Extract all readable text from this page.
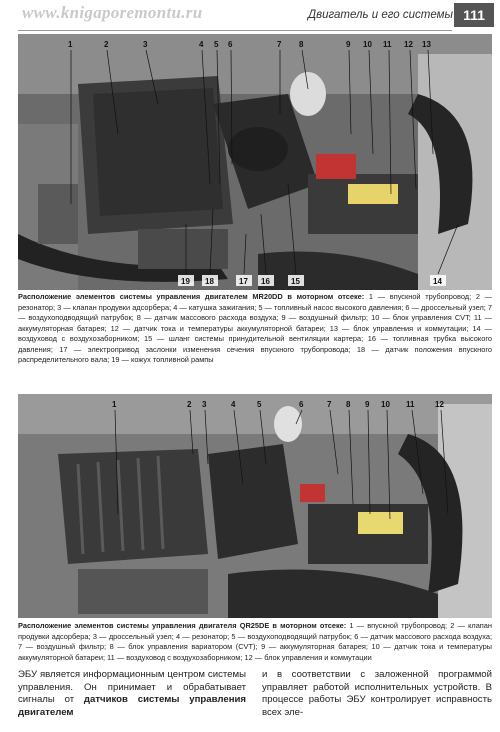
www.knigaporemontu.ru	Двигатель и его системы 111
1	2	3	4 5 6	7 8	9 10 11 12 13
19 18	17 16	15	14
Расположение элементов системы управления двигателем MR20DD в моторном отсеке: 1 — впускной трубопровод; 2 — резонатор; 3 — клапан продувки адсорбера; 4 — катушка зажигания; 5 — топливный насос высокого давления; 6 — дроссельный узел; 7 — воздухоподводящий патрубок; 8 — датчик массового расхода воздуха; 9 — воздушный фильтр; 10 — блок управления CVT; 11 — аккумуляторная батарея; 12 — датчик тока и температуры аккумуляторной батареи; 13 — блок управления и коммутации; 14 — воздуховод с воздухозаборником; 15 — шланг системы принудительной вентиляции картера; 16 — топливная трубка высокого давления; 17 — электропривод заслонки изменения сечения впускного трубопровода; 18 — датчик положения впускного распределительного вала; 19 — кожух топливной рампы
1	2 3	4	5	6	7 8 9 10 11	12
Расположение элементов системы управления двигателя QR25DE в моторном отсеке: 1 — впускной трубопровод; 2 — клапан продувки адсорбера; 3 — дроссельный узел; 4 — резонатор; 5 — воздухоподводящий патрубок; 6 — датчик массового расхода воздуха; 7 — воздушный фильтр; 8 — блок управления вариатором (CVT); 9 — аккумуляторная батарея; 10 — датчик тока и температуры аккумуляторной батареи; 11 — воздуховод с воздухозаборником; 12 — блок управления и коммутации
ЭБУ является информационным центром системы управления. Он принимает и обрабатывает сигналы от датчиков системы управления двигателем
и в соответствии с заложенной программой управляет работой исполнительных устройств. В процессе работы ЭБУ контролирует исправность всех эле-
